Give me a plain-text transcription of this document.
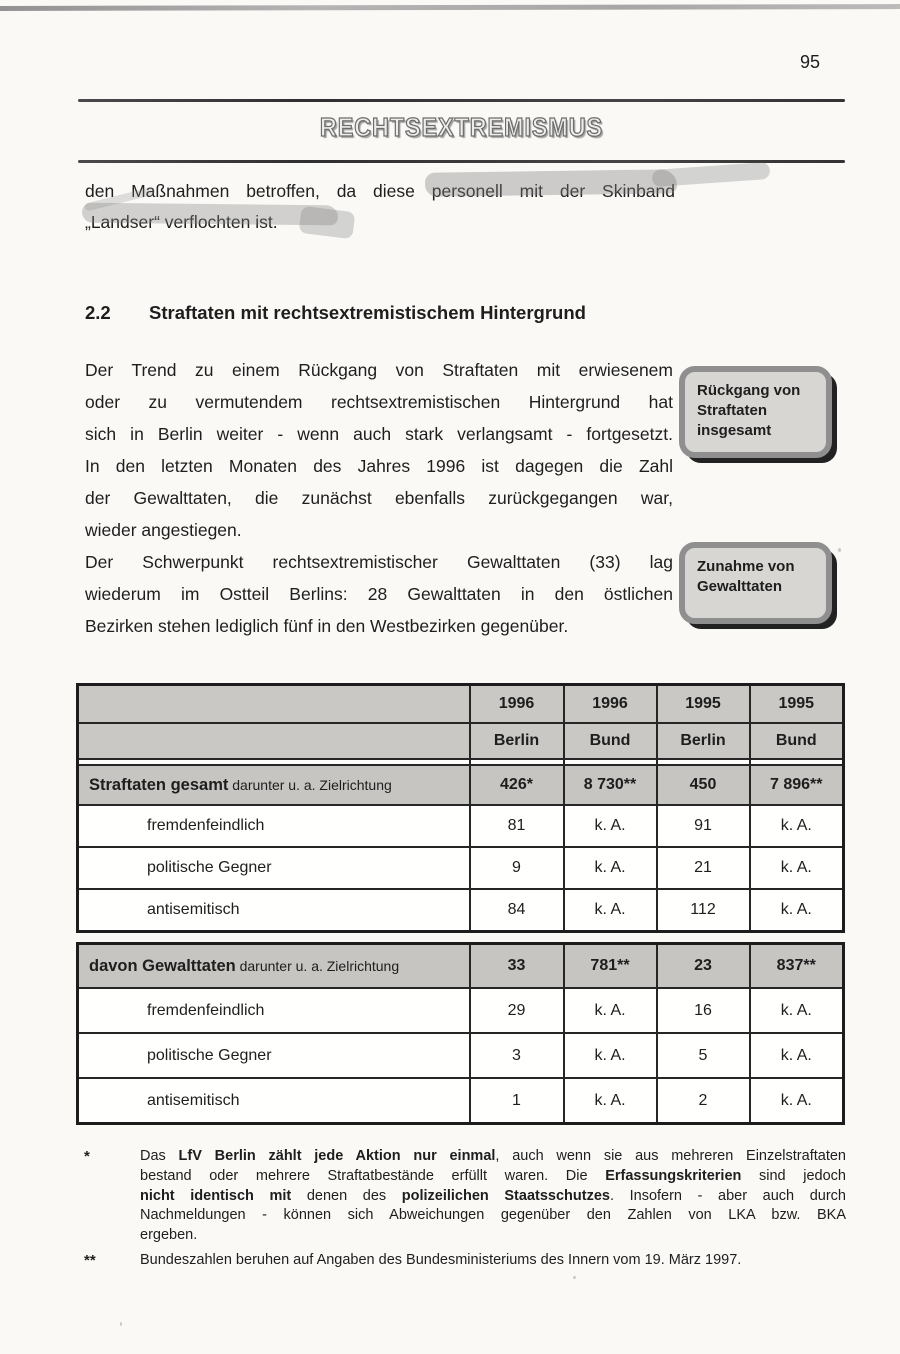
95
RECHTSEXTREMISMUS
den Maßnahmen betroffen, da diese personell mit der Skinband
„Landser“ verflochten ist.
2.2	Straftaten mit rechtsextremistischem Hintergrund
Der Trend zu einem Rückgang von Straftaten mit erwiesenem
oder zu vermutendem rechtsextremistischen Hintergrund hat
sich in Berlin weiter - wenn auch stark verlangsamt - fortgesetzt.
In den letzten Monaten des Jahres 1996 ist dagegen die Zahl
der Gewalttaten, die zunächst ebenfalls zurückgegangen war,
wieder angestiegen.
Der Schwerpunkt rechtsextremistischer Gewalttaten (33) lag
wiederum im Ostteil Berlins: 28 Gewalttaten in den östlichen
Bezirken stehen lediglich fünf in den Westbezirken gegenüber.
Rückgang von
Straftaten
insgesamt
Zunahme von
Gewalttaten
	1996	1996	1995	1995
	Berlin	Bund	Berlin	Bund

Straftaten gesamt darunter u. a. Zielrichtung	426*	8 730**	450	7 896**
fremdenfeindlich	81	k. A.	91	k. A.
politische Gegner	9	k. A.	21	k. A.
antisemitisch	84	k. A.	112	k. A.
davon Gewalttaten darunter u. a. Zielrichtung	33	781**	23	837**
fremdenfeindlich	29	k. A.	16	k. A.
politische Gegner	3	k. A.	5	k. A.
antisemitisch	1	k. A.	2	k. A.
*	Das LfV Berlin zählt jede Aktion nur einmal, auch wenn sie aus mehreren Einzelstraftaten
bestand oder mehrere Straftatbestände erfüllt waren. Die Erfassungskriterien sind jedoch
nicht identisch mit denen des polizeilichen Staatsschutzes. Insofern - aber auch durch
Nachmeldungen - können sich Abweichungen gegenüber den Zahlen von LKA bzw. BKA
ergeben.
**	Bundeszahlen beruhen auf Angaben des Bundesministeriums des Innern vom 19. März 1997.
